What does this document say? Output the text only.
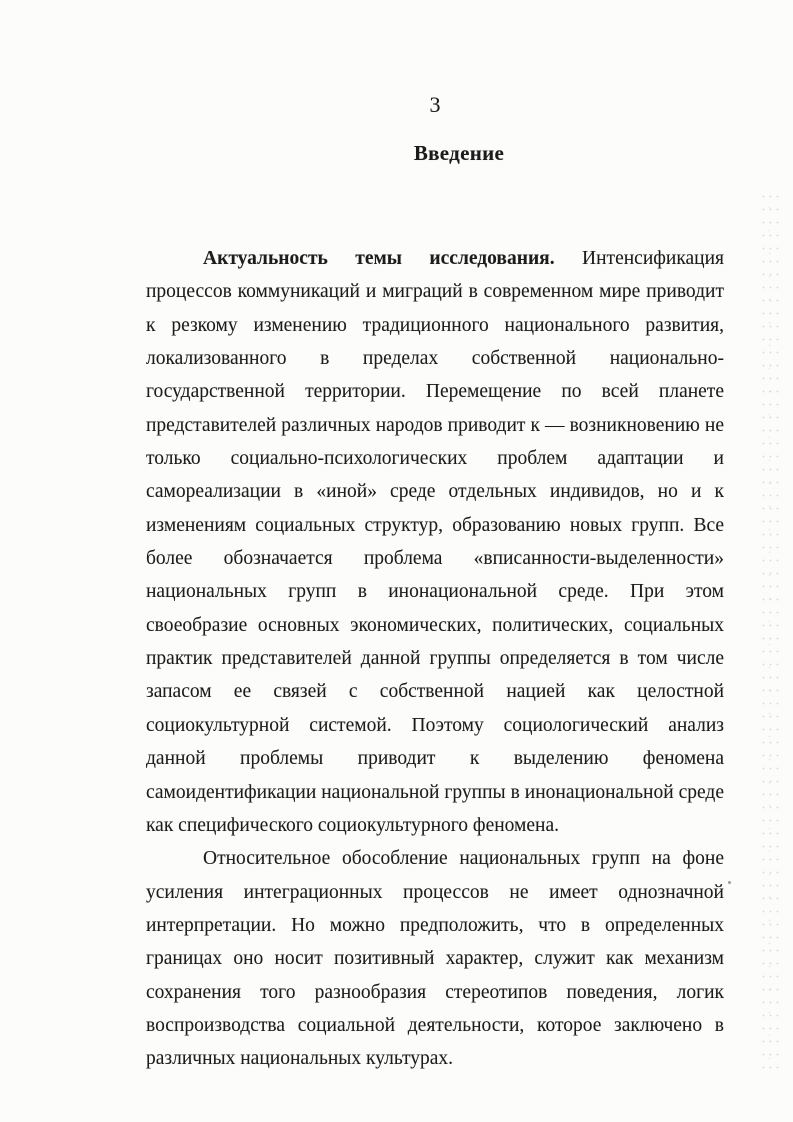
3
Введение
Актуальность темы исследования. Интенсификация
процессов коммуникаций и миграций в современном мире приводит
к резкому изменению традиционного национального развития,
локализованного в пределах собственной национально-
государственной территории. Перемещение по всей планете
представителей различных народов приводит к — возникновению не
только социально-психологических проблем адаптации и
самореализации в «иной» среде отдельных индивидов, но и к
изменениям социальных структур, образованию новых групп. Все
более обозначается проблема «вписанности-выделенности»
национальных групп в инонациональной среде. При этом
своеобразие основных экономических, политических, социальных
практик представителей данной группы определяется в том числе
запасом ее связей с собственной нацией как целостной
социокультурной системой. Поэтому социологический анализ
данной проблемы приводит к выделению феномена
самоидентификации национальной группы в инонациональной среде
как специфического социокультурного феномена.
Относительное обособление национальных групп на фоне
усиления интеграционных процессов не имеет однозначной
интерпретации. Но можно предположить, что в определенных
границах оно носит позитивный характер, служит как механизм
сохранения того разнообразия стереотипов поведения, логик
воспроизводства социальной деятельности, которое заключено в
различных национальных культурах.
